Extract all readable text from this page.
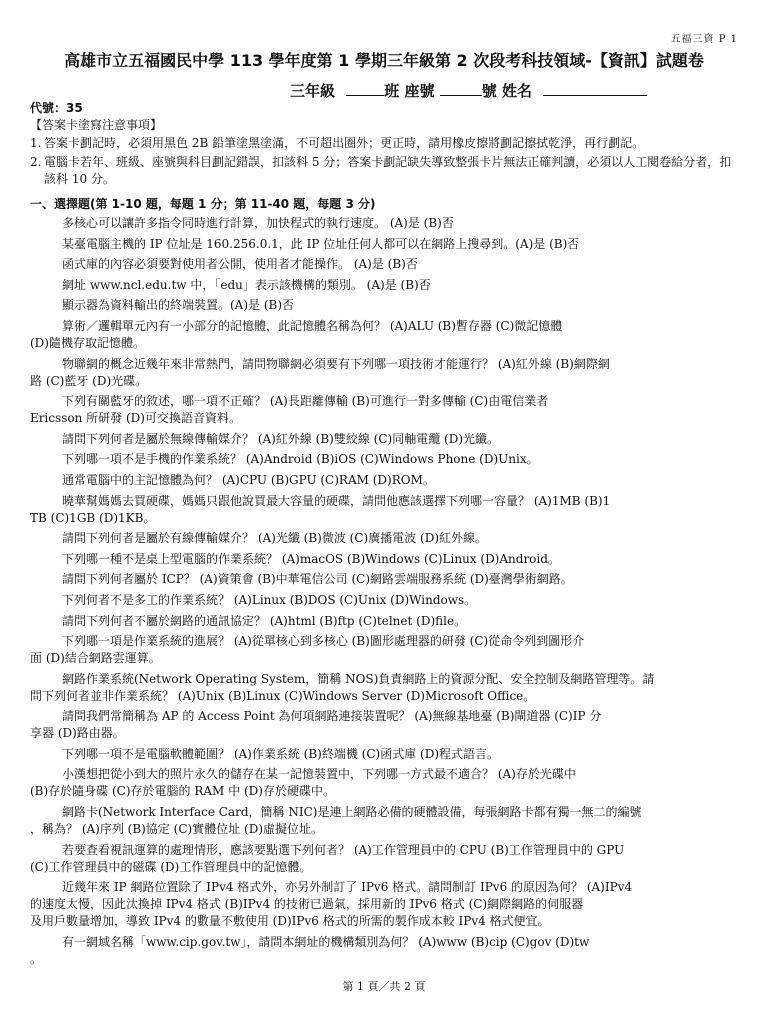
五福三資 P 1
高雄市立五福國民中學 113 學年度第 1 學期三年級第 2 次段考科技領域-【資訊】試題卷
三年級	班 座號	號 姓名
代號：35
【答案卡塗寫注意事項】
1. 答案卡劃記時，必須用黑色 2B 鉛筆塗黑塗滿，不可超出圈外；更正時，請用橡皮擦將劃記擦拭乾淨，再行劃記。
2. 電腦卡若年、班級、座號與科目劃記錯誤，扣該科 5 分；答案卡劃記缺失導致整張卡片無法正確判讀，必須以人工閱卷給分者，扣該科 10 分。
一、選擇題(第 1-10 題，每題 1 分；第 11-40 題，每題 3 分)
多核心可以讓許多指令同時進行計算，加快程式的執行速度。 (A)是 (B)否
某臺電腦主機的 IP 位址是 160.256.0.1，此 IP 位址任何人都可以在網路上搜尋到。(A)是 (B)否
函式庫的內容必須要對使用者公開，使用者才能操作。 (A)是 (B)否
網址 www.ncl.edu.tw 中，「edu」表示該機構的類別。 (A)是 (B)否
顯示器為資料輸出的終端裝置。(A)是 (B)否
算術／邏輯單元內有一小部分的記憶體，此記憶體名稱為何？ (A)ALU (B)暫存器 (C)微記憶體
(D)隨機存取記憶體。
物聯網的概念近幾年來非常熱門，請問物聯網必須要有下列哪一項技術才能運行？ (A)紅外線 (B)網際網
路 (C)藍牙 (D)光碟。
下列有關藍牙的敘述，哪一項不正確？ (A)長距離傳輸 (B)可進行一對多傳輸 (C)由電信業者
Ericsson 所研發 (D)可交換語音資料。
請問下列何者是屬於無線傳輸媒介？ (A)紅外線 (B)雙絞線 (C)同軸電纜 (D)光纖。
下列哪一項不是手機的作業系統？ (A)Android (B)iOS (C)Windows Phone (D)Unix。
通常電腦中的主記憶體為何？ (A)CPU (B)GPU (C)RAM (D)ROM。
曉華幫媽媽去買硬碟，媽媽只跟他說買最大容量的硬碟，請問他應該選擇下列哪一容量？ (A)1MB (B)1
TB (C)1GB (D)1KB。
請問下列何者是屬於有線傳輸媒介？ (A)光纖 (B)微波 (C)廣播電波 (D)紅外線。
下列哪一種不是桌上型電腦的作業系統？ (A)macOS (B)Windows (C)Linux (D)Android。
請問下列何者屬於 ICP？ (A)資策會 (B)中華電信公司 (C)網路雲端服務系統 (D)臺灣學術網路。
下列何者不是多工的作業系統？ (A)Linux (B)DOS (C)Unix (D)Windows。
請問下列何者不屬於網路的通訊協定？ (A)html (B)ftp (C)telnet (D)file。
下列哪一項是作業系統的進展？ (A)從單核心到多核心 (B)圖形處理器的研發 (C)從命令列到圖形介
面 (D)結合網路雲運算。
網路作業系統(Network Operating System，簡稱 NOS)負責網路上的資源分配、安全控制及網路管理等。請
問下列何者並非作業系統？ (A)Unix (B)Linux (C)Windows Server (D)Microsoft Office。
請問我們常簡稱為 AP 的 Access Point 為何項網路連接裝置呢？ (A)無線基地臺 (B)閘道器 (C)IP 分
享器 (D)路由器。
下列哪一項不是電腦軟體範圍？ (A)作業系統 (B)終端機 (C)函式庫 (D)程式語言。
小漢想把從小到大的照片永久的儲存在某一記憶裝置中，下列哪一方式最不適合？ (A)存於光碟中
(B)存於隨身碟 (C)存於電腦的 RAM 中 (D)存於硬碟中。
網路卡(Network Interface Card，簡稱 NIC)是連上網路必備的硬體設備，每張網路卡都有獨一無二的編號
，稱為？ (A)序列 (B)協定 (C)實體位址 (D)虛擬位址。
若要查看視訊運算的處理情形，應該要點選下列何者？ (A)工作管理員中的 CPU (B)工作管理員中的 GPU
(C)工作管理員中的磁碟 (D)工作管理員中的記憶體。
近幾年來 IP 網路位置除了 IPv4 格式外，亦另外制訂了 IPv6 格式。請問制訂 IPv6 的原因為何？ (A)IPv4
的速度太慢，因此汰換掉 IPv4 格式 (B)IPv4 的技術已過氣，採用新的 IPv6 格式 (C)網際網路的伺服器
及用戶數量增加，導致 IPv4 的數量不敷使用 (D)IPv6 格式的所需的製作成本較 IPv4 格式便宜。
有一網域名稱「www.cip.gov.tw」，請問本網址的機構類別為何？ (A)www (B)cip (C)gov (D)tw
。
第 1 頁／共 2 頁
